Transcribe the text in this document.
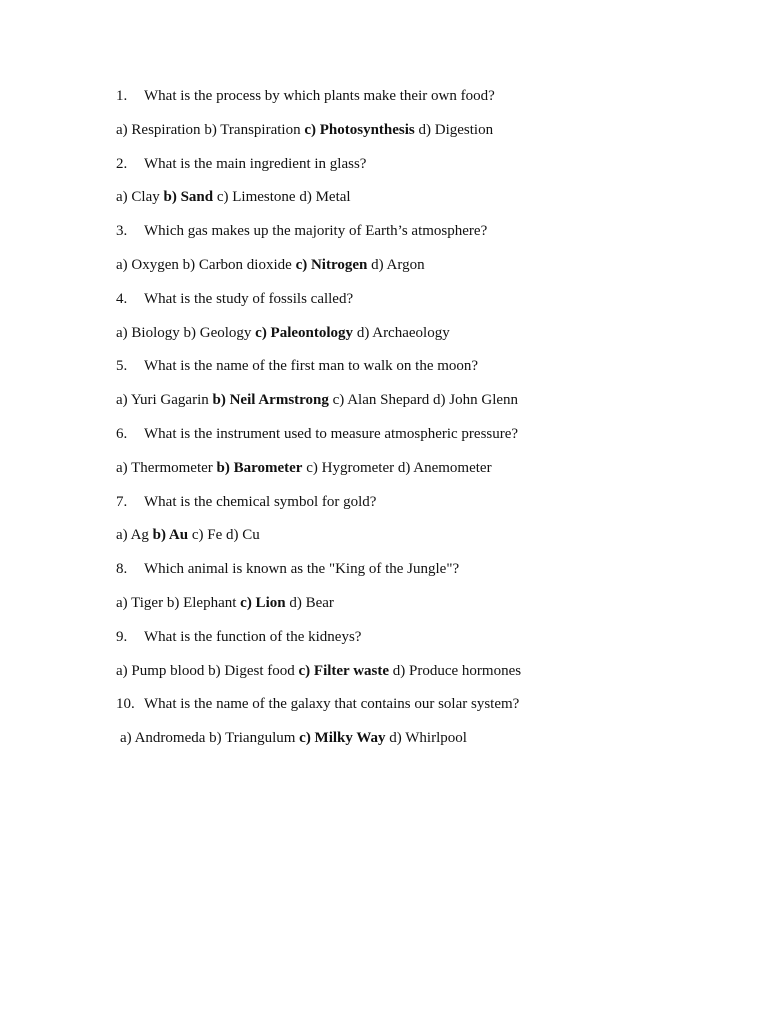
1. What is the process by which plants make their own food?
a) Respiration b) Transpiration c) Photosynthesis d) Digestion
2. What is the main ingredient in glass?
a) Clay b) Sand c) Limestone d) Metal
3. Which gas makes up the majority of Earth’s atmosphere?
a) Oxygen b) Carbon dioxide c) Nitrogen d) Argon
4. What is the study of fossils called?
a) Biology b) Geology c) Paleontology d) Archaeology
5. What is the name of the first man to walk on the moon?
a) Yuri Gagarin b) Neil Armstrong c) Alan Shepard d) John Glenn
6. What is the instrument used to measure atmospheric pressure?
a) Thermometer b) Barometer c) Hygrometer d) Anemometer
7. What is the chemical symbol for gold?
a) Ag b) Au c) Fe d) Cu
8. Which animal is known as the "King of the Jungle"?
a) Tiger b) Elephant c) Lion d) Bear
9. What is the function of the kidneys?
a) Pump blood b) Digest food c) Filter waste d) Produce hormones
10. What is the name of the galaxy that contains our solar system?
a) Andromeda b) Triangulum c) Milky Way d) Whirlpool
